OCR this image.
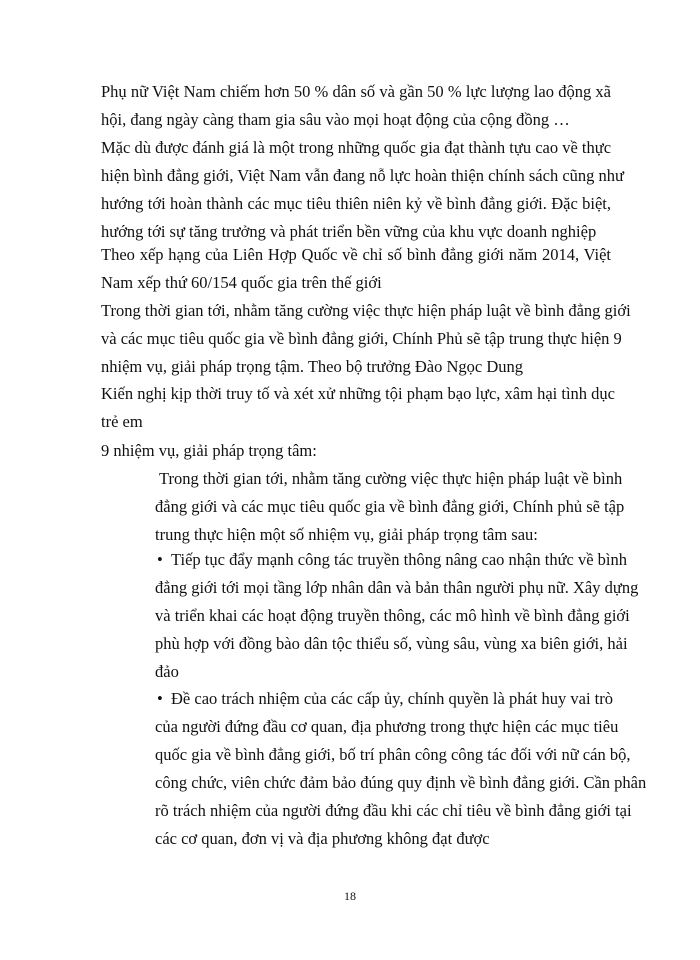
Phụ nữ Việt Nam chiếm hơn 50 % dân số và gần 50 % lực lượng lao động xã
hội, đang ngày càng tham gia sâu vào mọi hoạt động của cộng đồng …
Mặc dù được đánh giá là một trong những quốc gia đạt thành tựu cao về thực
hiện bình đẳng giới, Việt Nam vẫn đang nỗ lực hoàn thiện chính sách cũng như
hướng tới hoàn thành các mục tiêu thiên niên kỷ về bình đẳng giới. Đặc biệt,
hướng tới sự tăng trưởng và phát triển bền vững của khu vực doanh nghiệp
Theo xếp hạng của Liên Hợp Quốc về chỉ số bình đẳng giới năm 2014, Việt
Nam xếp thứ 60/154 quốc gia trên thế giới
Trong thời gian tới, nhằm tăng cường việc thực hiện pháp luật về bình đẳng giới
và các mục tiêu quốc gia về bình đẳng giới, Chính Phủ sẽ tập trung thực hiện 9
nhiệm vụ, giải pháp trọng tậm. Theo bộ trưởng Đào Ngọc Dung
Kiến nghị kịp thời truy tố và xét xử những tội phạm bạo lực, xâm hại tình dục
trẻ em
9 nhiệm vụ, giải pháp trọng tâm:
Trong thời gian tới, nhằm tăng cường việc thực hiện pháp luật về bình
đẳng giới và các mục tiêu quốc gia về bình đẳng giới, Chính phủ sẽ tập
trung thực hiện một số nhiệm vụ, giải pháp trọng tâm sau:
• Tiếp tục đẩy mạnh công tác truyền thông nâng cao nhận thức về bình
đẳng giới tới mọi tầng lớp nhân dân và bản thân người phụ nữ. Xây dựng
và triển khai các hoạt động truyền thông, các mô hình về bình đẳng giới
phù hợp với đồng bào dân tộc thiểu số, vùng sâu, vùng xa biên giới, hải
đảo
• Đề cao trách nhiệm của các cấp ủy, chính quyền là phát huy vai trò
của người đứng đầu cơ quan, địa phương trong thực hiện các mục tiêu
quốc gia về bình đẳng giới, bố trí phân công công tác đối với nữ cán bộ,
công chức, viên chức đảm bảo đúng quy định về bình đẳng giới. Cần phân
rõ trách nhiệm của người đứng đầu khi các chỉ tiêu về bình đẳng giới tại
các cơ quan, đơn vị và địa phương không đạt được
18
